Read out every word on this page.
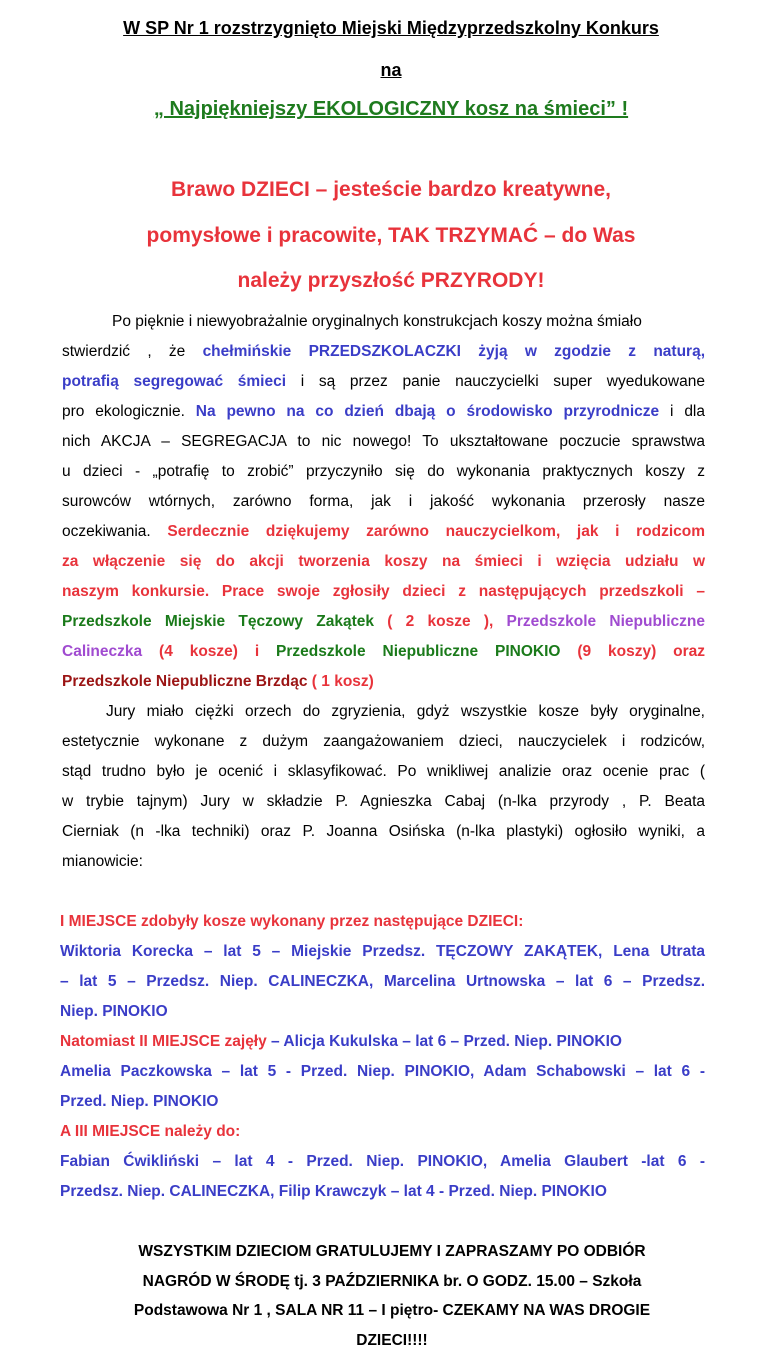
W SP Nr 1 rozstrzygnięto Miejski Międzyprzedszkolny Konkurs
na
„ Najpiękniejszy EKOLOGICZNY kosz na śmieci” !
Brawo DZIECI – jesteście bardzo kreatywne,
pomysłowe i pracowite, TAK TRZYMAĆ – do Was
należy przyszłość PRZYRODY!
Po pięknie i niewyobrażalnie oryginalnych konstrukcjach koszy można śmiało
stwierdzić , że chełmińskie PRZEDSZKOLACZKI żyją w zgodzie z naturą,
potrafią segregować śmieci i są przez panie nauczycielki super wyedukowane
pro ekologicznie. Na pewno na co dzień dbają o środowisko przyrodnicze i dla
nich AKCJA – SEGREGACJA to nic nowego! To ukształtowane poczucie sprawstwa
u dzieci - „potrafię to zrobić” przyczyniło się do wykonania praktycznych koszy z
surowców wtórnych, zarówno forma, jak i jakość wykonania przerosły nasze
oczekiwania. Serdecznie dziękujemy zarówno nauczycielkom, jak i rodzicom
za włączenie się do akcji tworzenia koszy na śmieci i wzięcia udziału w
naszym konkursie. Prace swoje zgłosiły dzieci z następujących przedszkoli –
Przedszkole Miejskie Tęczowy Zakątek ( 2 kosze ), Przedszkole Niepubliczne
Calineczka (4 kosze) i Przedszkole Niepubliczne PINOKIO (9 koszy) oraz
Przedszkole Niepubliczne Brzdąc ( 1 kosz)
Jury miało ciężki orzech do zgryzienia, gdyż wszystkie kosze były oryginalne,
estetycznie wykonane z dużym zaangażowaniem dzieci, nauczycielek i rodziców,
stąd trudno było je ocenić i sklasyfikować. Po wnikliwej analizie oraz ocenie prac (
w trybie tajnym) Jury w składzie P. Agnieszka Cabaj (n-lka przyrody , P. Beata
Cierniak (n -lka techniki) oraz P. Joanna Osińska (n-lka plastyki) ogłosiło wyniki, a
mianowicie:
I MIEJSCE zdobyły kosze wykonany przez następujące DZIECI:
Wiktoria Korecka – lat 5 – Miejskie Przedsz. TĘCZOWY ZAKĄTEK, Lena Utrata
– lat 5 – Przedsz. Niep. CALINECZKA, Marcelina Urtnowska – lat 6 – Przedsz.
Niep. PINOKIO
Natomiast II MIEJSCE zajęły – Alicja Kukulska – lat 6 – Przed. Niep. PINOKIO
Amelia Paczkowska – lat 5 - Przed. Niep. PINOKIO, Adam Schabowski – lat 6 -
Przed. Niep. PINOKIO
A III MIEJSCE należy do:
Fabian Ćwikliński – lat 4 - Przed. Niep. PINOKIO, Amelia Glaubert -lat 6 -
Przedsz. Niep. CALINECZKA, Filip Krawczyk – lat 4 - Przed. Niep. PINOKIO
WSZYSTKIM DZIECIOM GRATULUJEMY I ZAPRASZAMY PO ODBIÓR
NAGRÓD W ŚRODĘ tj. 3 PAŹDZIERNIKA br. O GODZ. 15.00 – Szkoła
Podstawowa Nr 1 , SALA NR 11 – I piętro- CZEKAMY NA WAS DROGIE
DZIECI!!!!
